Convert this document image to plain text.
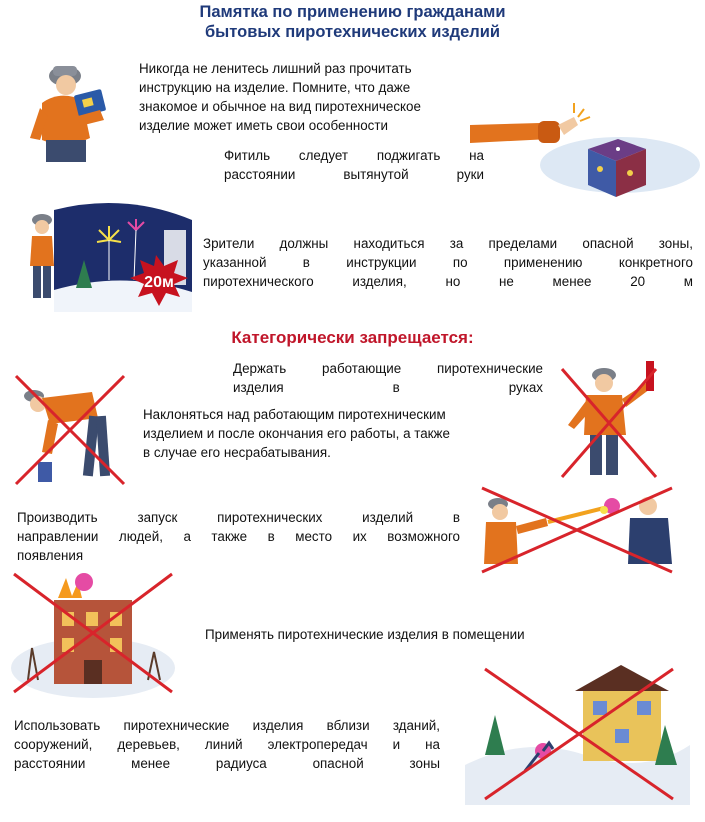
Памятка по применению гражданами
бытовых пиротехнических изделий
Никогда не ленитесь лишний раз прочитать
инструкцию на изделие. Помните, что даже
знакомое и обычное на вид пиротехническое
изделие может иметь свои особенности
Фитиль следует поджигать на
расстоянии вытянутой руки
20м
Зрители должны находиться за пределами опасной зоны,
указанной в инструкции по применению конкретного
пиротехнического изделия, но не менее 20 м
Категорически запрещается:
Держать работающие пиротехнические
изделия в руках
Наклоняться над работающим пиротехническим
изделием и после окончания его работы, а также
в случае его несрабатывания.
Производить запуск пиротехнических изделий в
направлении людей, а также в место их возможного
появления
Применять пиротехнические изделия в помещении
Использовать пиротехнические изделия вблизи зданий,
сооружений, деревьев, линий электропередач и на
расстоянии менее радиуса опасной зоны
